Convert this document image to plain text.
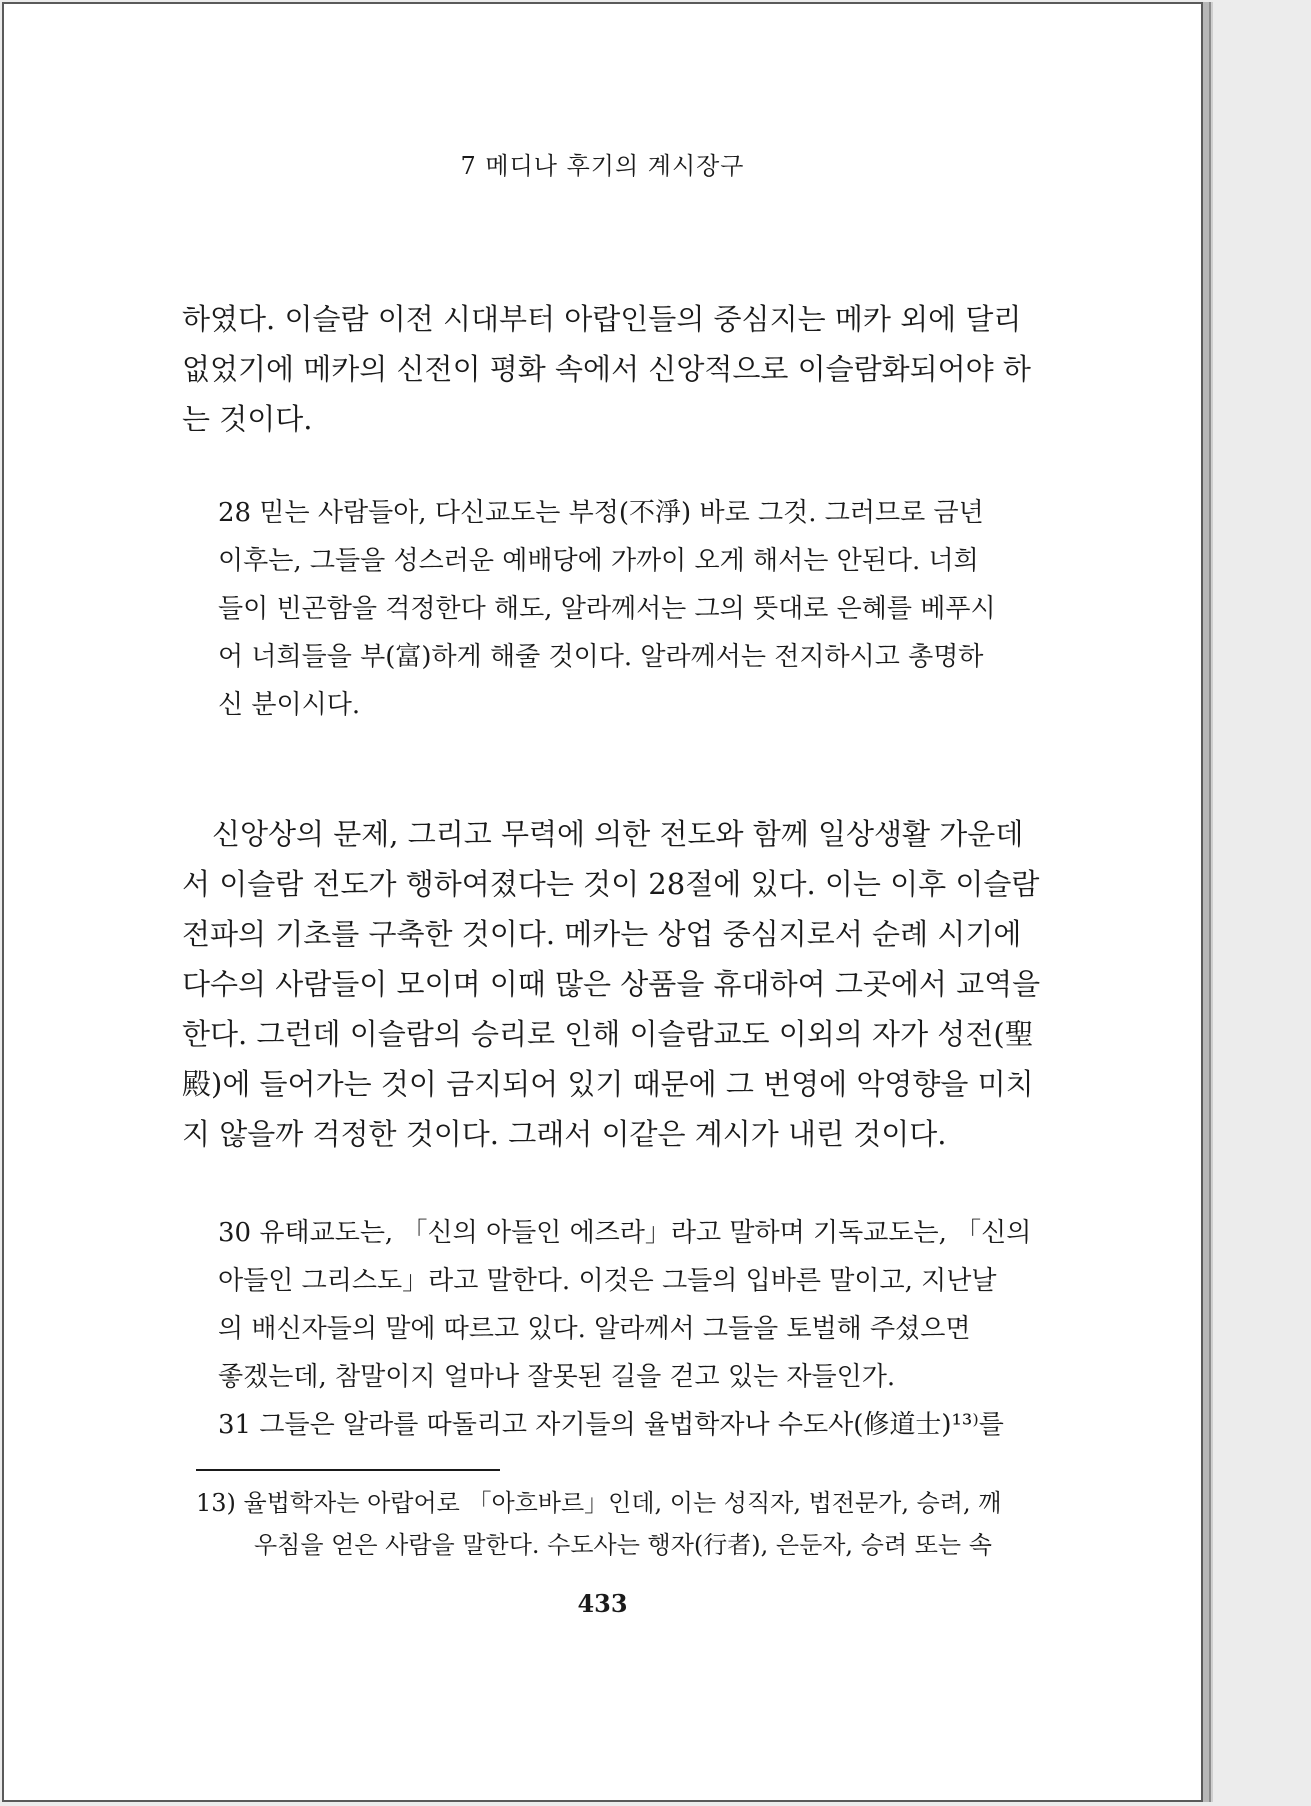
7 메디나 후기의 계시장구

하였다. 이슬람 이전 시대부터 아랍인들의 중심지는 메카 외에 달리
없었기에 메카의 신전이 평화 속에서 신앙적으로 이슬람화되어야 하
는 것이다.

28 믿는 사람들아, 다신교도는 부정(不淨) 바로 그것. 그러므로 금년
이후는, 그들을 성스러운 예배당에 가까이 오게 해서는 안된다. 너희
들이 빈곤함을 걱정한다 해도, 알라께서는 그의 뜻대로 은혜를 베푸시
어 너희들을 부(富)하게 해줄 것이다. 알라께서는 전지하시고 총명하
신 분이시다.

신앙상의 문제, 그리고 무력에 의한 전도와 함께 일상생활 가운데
서 이슬람 전도가 행하여졌다는 것이 28절에 있다. 이는 이후 이슬람
전파의 기초를 구축한 것이다. 메카는 상업 중심지로서 순례 시기에
다수의 사람들이 모이며 이때 많은 상품을 휴대하여 그곳에서 교역을
한다. 그런데 이슬람의 승리로 인해 이슬람교도 이외의 자가 성전(聖
殿)에 들어가는 것이 금지되어 있기 때문에 그 번영에 악영향을 미치
지 않을까 걱정한 것이다. 그래서 이같은 계시가 내린 것이다.

30 유태교도는, 「신의 아들인 에즈라」라고 말하며 기독교도는, 「신의
아들인 그리스도」라고 말한다. 이것은 그들의 입바른 말이고, 지난날
의 배신자들의 말에 따르고 있다. 알라께서 그들을 토벌해 주셨으면
좋겠는데, 참말이지 얼마나 잘못된 길을 걷고 있는 자들인가.
31 그들은 알라를 따돌리고 자기들의 율법학자나 수도사(修道士)¹³⁾를

13) 율법학자는 아랍어로 「아흐바르」인데, 이는 성직자, 법전문가, 승려, 깨
우침을 얻은 사람을 말한다. 수도사는 행자(行者), 은둔자, 승려 또는 속
433
